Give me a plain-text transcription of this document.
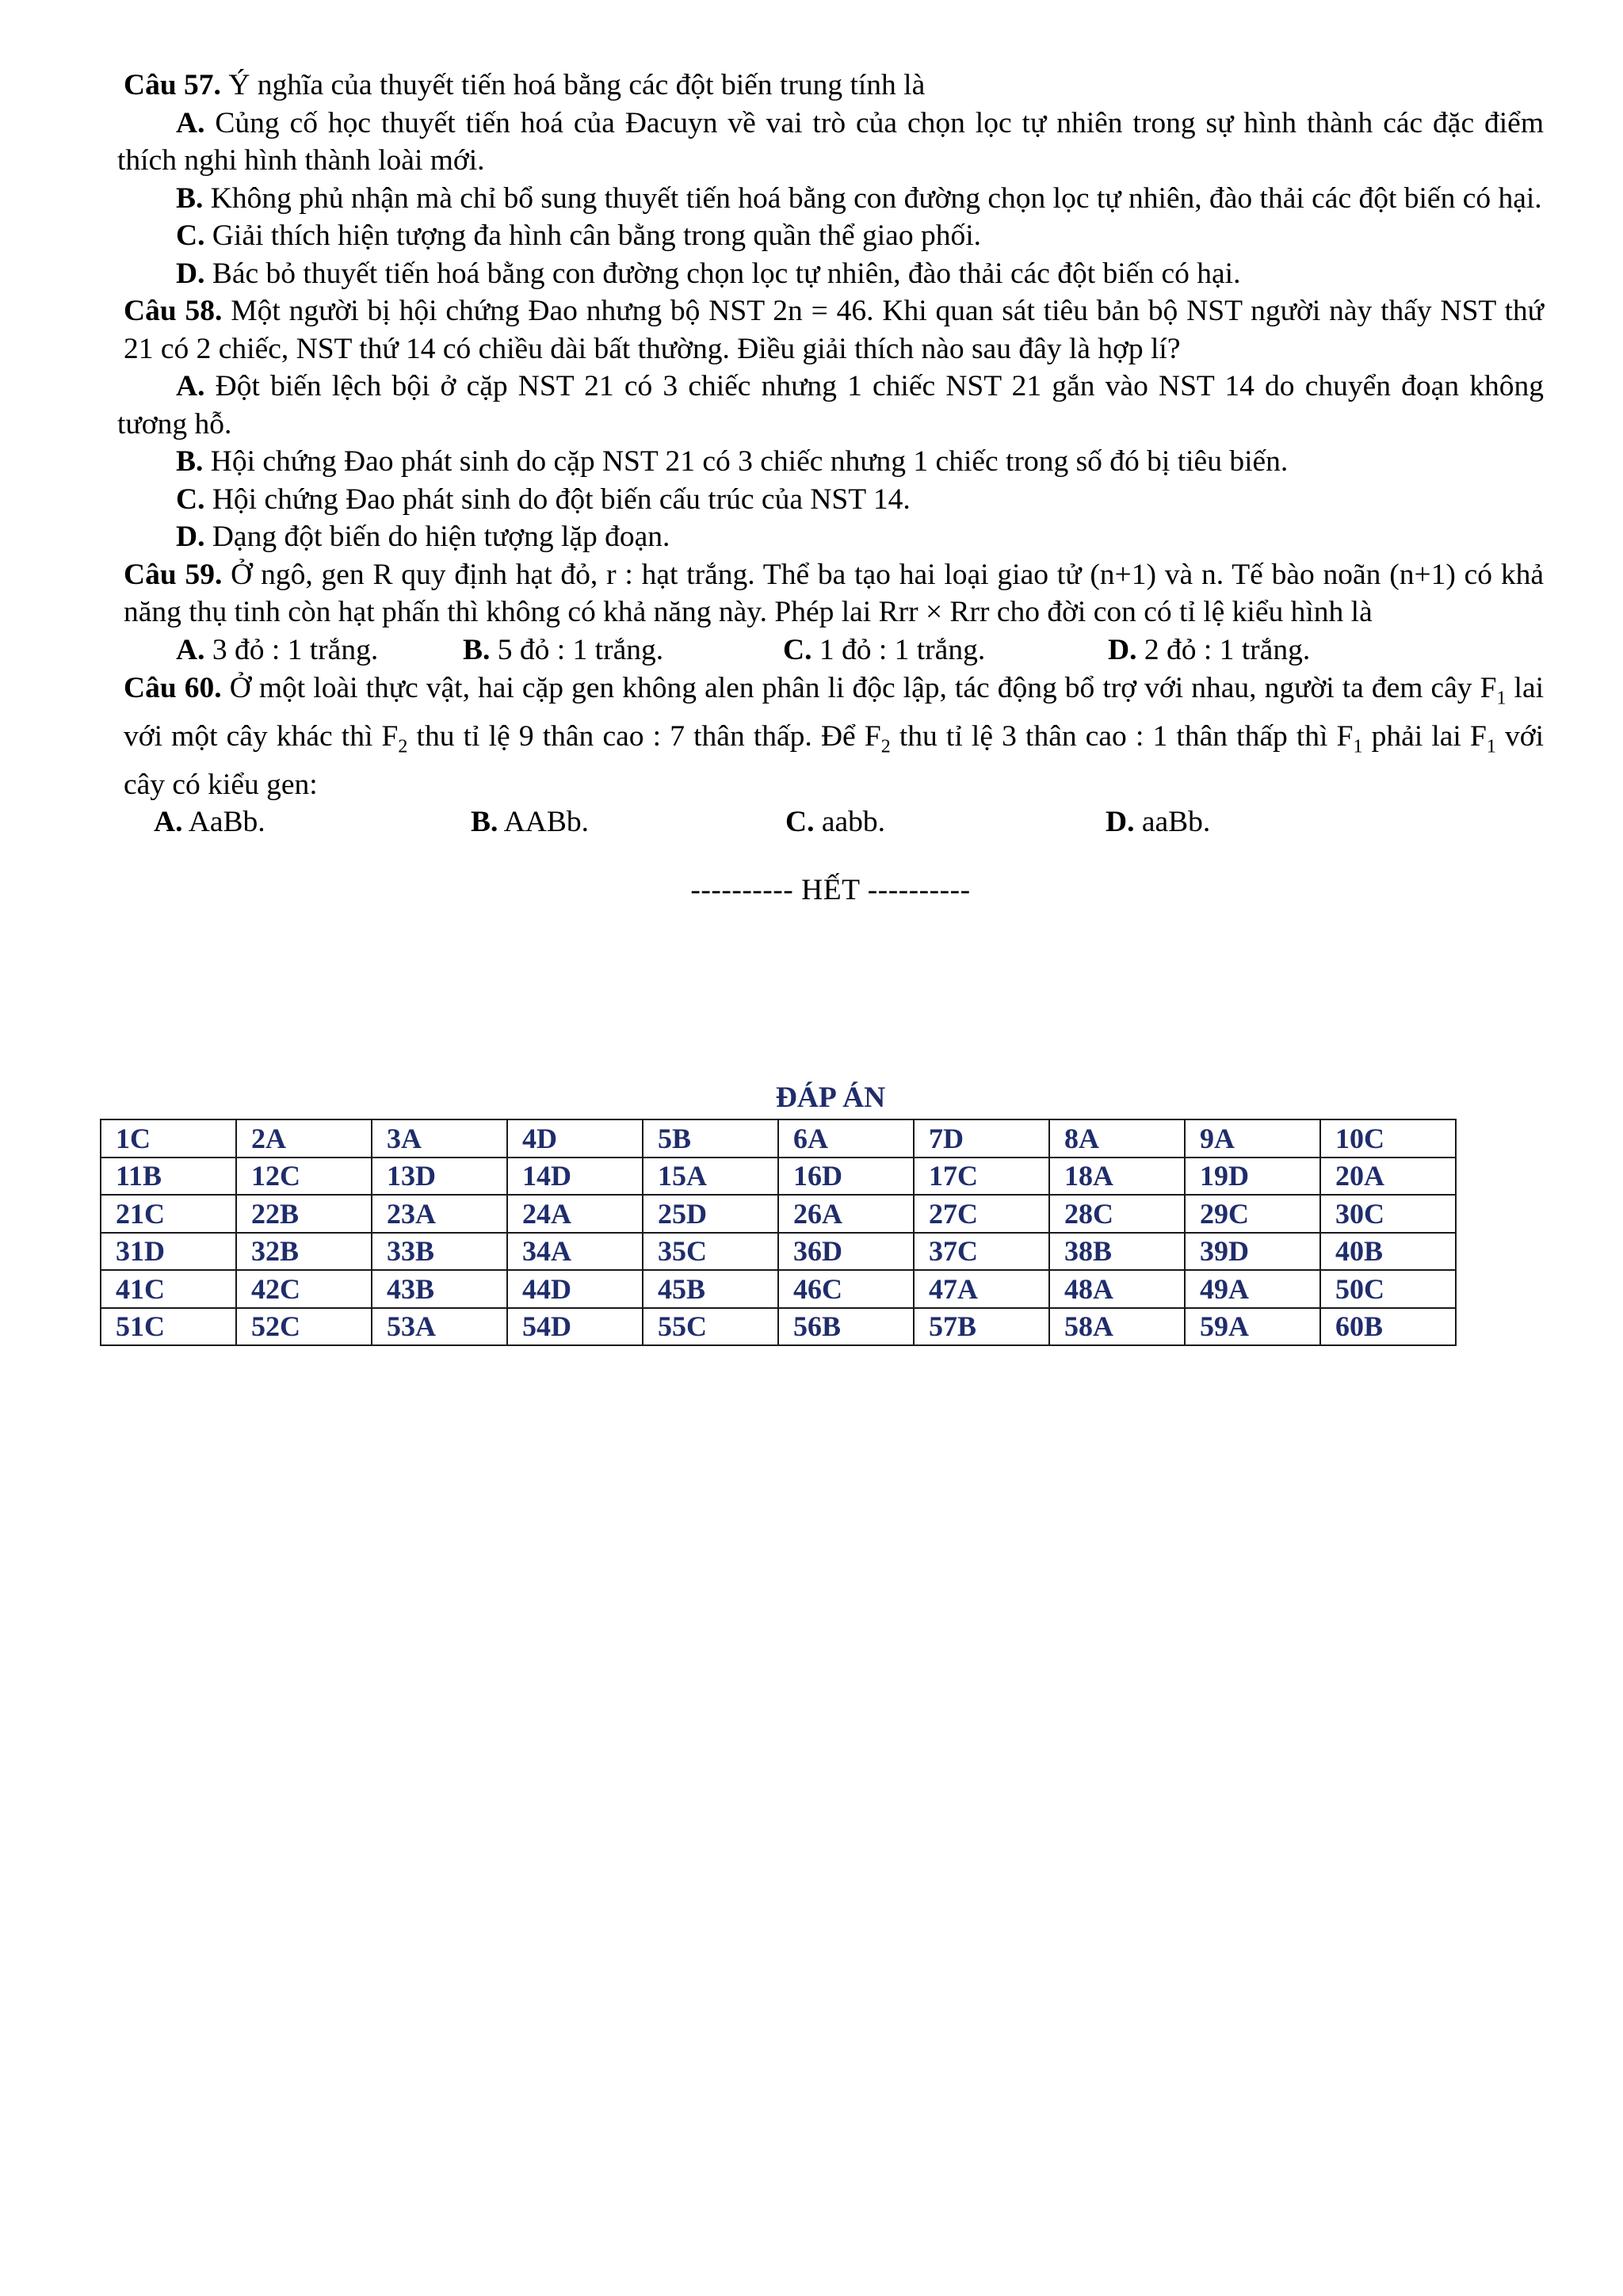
Câu 57. Ý nghĩa của thuyết tiến hoá bằng các đột biến trung tính là

A. Củng cố học thuyết tiến hoá của Đacuyn về vai trò của chọn lọc tự nhiên trong sự hình thành các đặc điểm thích nghi hình thành loài mới.

B. Không phủ nhận mà chỉ bổ sung thuyết tiến hoá bằng con đường chọn lọc tự nhiên, đào thải các đột biến có hại.

C. Giải thích hiện tượng đa hình cân bằng trong quần thể giao phối.

D. Bác bỏ thuyết tiến hoá bằng con đường chọn lọc tự nhiên, đào thải các đột biến có hại.

Câu 58. Một người bị hội chứng Đao nhưng bộ NST 2n = 46. Khi quan sát tiêu bản bộ NST người này thấy NST thứ 21 có 2 chiếc, NST thứ 14 có chiều dài bất thường. Điều giải thích nào sau đây là hợp lí?

A. Đột biến lệch bội ở cặp NST 21 có 3 chiếc nhưng 1 chiếc NST 21 gắn vào NST 14 do chuyển đoạn không tương hỗ.

B. Hội chứng Đao phát sinh do cặp NST 21 có 3 chiếc nhưng 1 chiếc trong số đó bị tiêu biến.

C. Hội chứng Đao phát sinh do đột biến cấu trúc của NST 14.

D. Dạng đột biến do hiện tượng lặp đoạn.

Câu 59. Ở ngô, gen R quy định hạt đỏ, r : hạt trắng. Thể ba tạo hai loại giao tử (n+1) và n. Tế bào noãn (n+1) có khả năng thụ tinh còn hạt phấn thì không có khả năng này. Phép lai Rrr × Rrr cho đời con có tỉ lệ kiểu hình là

A. 3 đỏ : 1 trắng.	B. 5 đỏ : 1 trắng.	C. 1 đỏ : 1 trắng.	D. 2 đỏ : 1 trắng.

Câu 60. Ở một loài thực vật, hai cặp gen không alen phân li độc lập, tác động bổ trợ với nhau, người ta đem cây $F_1$ lai với một cây khác thì $F_2$ thu tỉ lệ 9 thân cao : 7 thân thấp. Để $F_2$ thu tỉ lệ 3 thân cao : 1 thân thấp thì $F_1$ phải lai $F_1$ với cây có kiểu gen:

A. AaBb.	B. AABb.	C. aabb.	D. aaBb.
---------- HẾT ----------
ĐÁP ÁN
1C	2A	3A	4D	5B	6A	7D	8A	9A	10C
11B	12C	13D	14D	15A	16D	17C	18A	19D	20A
21C	22B	23A	24A	25D	26A	27C	28C	29C	30C
31D	32B	33B	34A	35C	36D	37C	38B	39D	40B
41C	42C	43B	44D	45B	46C	47A	48A	49A	50C
51C	52C	53A	54D	55C	56B	57B	58A	59A	60B
